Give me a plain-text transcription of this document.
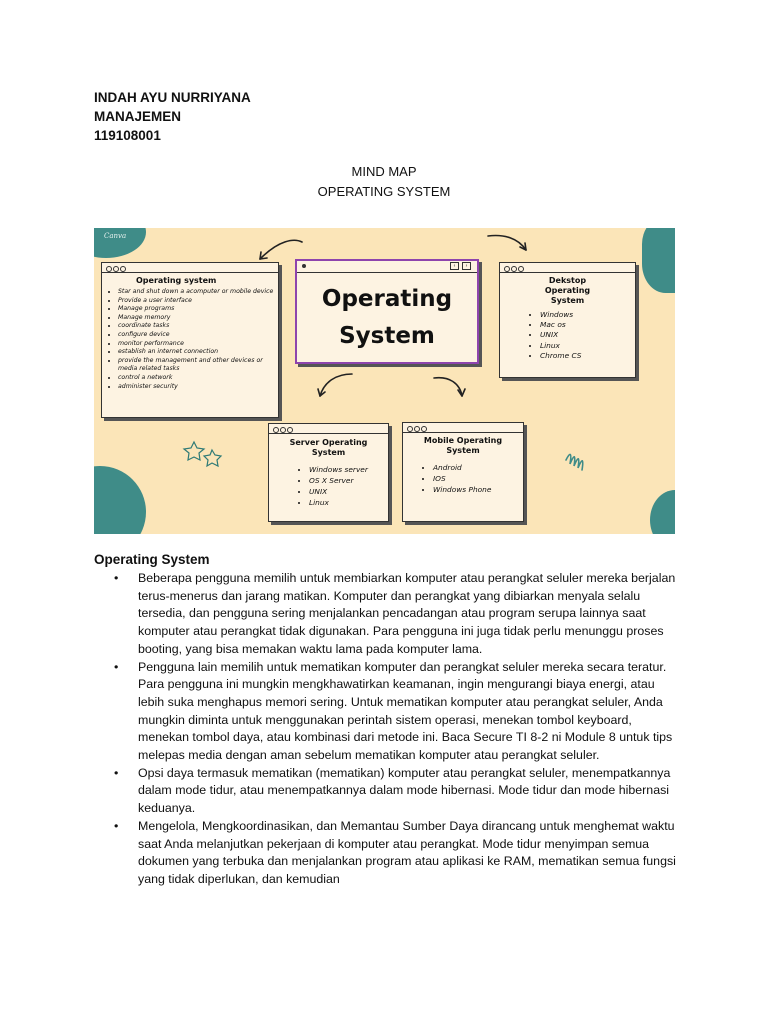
INDAH AYU NURRIYANA
MANAJEMEN
119108001
MIND MAP
OPERATING SYSTEM
Canva
Operating system
• Star and shut down a acomputer or mobile device
• Provide a user interface
• Manage programs
• Manage memory
• coordinate tasks
• configure device
• monitor performance
• establish an internet connection
• provide the management and other devices or media related tasks
• control a network
• administer security
‹	›
Operating
System
Dekstop Operating System
• Windows
• Mac os
• UNIX
• Linux
• Chrome CS
Server Operating System
• Windows server
• OS X Server
• UNIX
• Linux
Mobile Operating System
• Android
• IOS
• Windows Phone
Operating System
• Beberapa pengguna memilih untuk membiarkan komputer atau perangkat seluler mereka berjalan terus-menerus dan jarang matikan. Komputer dan perangkat yang dibiarkan menyala selalu tersedia, dan pengguna sering menjalankan pencadangan atau program serupa lainnya saat komputer atau perangkat tidak digunakan. Para pengguna ini juga tidak perlu menunggu proses booting, yang bisa memakan waktu lama pada komputer lama.
• Pengguna lain memilih untuk mematikan komputer dan perangkat seluler mereka secara teratur. Para pengguna ini mungkin mengkhawatirkan keamanan, ingin mengurangi biaya energi, atau lebih suka menghapus memori sering. Untuk mematikan komputer atau perangkat seluler, Anda mungkin diminta untuk menggunakan perintah sistem operasi, menekan tombol keyboard, menekan tombol daya, atau kombinasi dari metode ini. Baca Secure TI 8-2 ni Module 8 untuk tips melepas media dengan aman sebelum mematikan komputer atau perangkat seluler.
• Opsi daya termasuk mematikan (mematikan) komputer atau perangkat seluler, menempatkannya dalam mode tidur, atau menempatkannya dalam mode hibernasi. Mode tidur dan mode hibernasi keduanya.
• Mengelola, Mengkoordinasikan, dan Memantau Sumber Daya dirancang untuk menghemat waktu saat Anda melanjutkan pekerjaan di komputer atau perangkat. Mode tidur menyimpan semua dokumen yang terbuka dan menjalankan program atau aplikasi ke RAM, mematikan semua fungsi yang tidak diperlukan, dan kemudian
